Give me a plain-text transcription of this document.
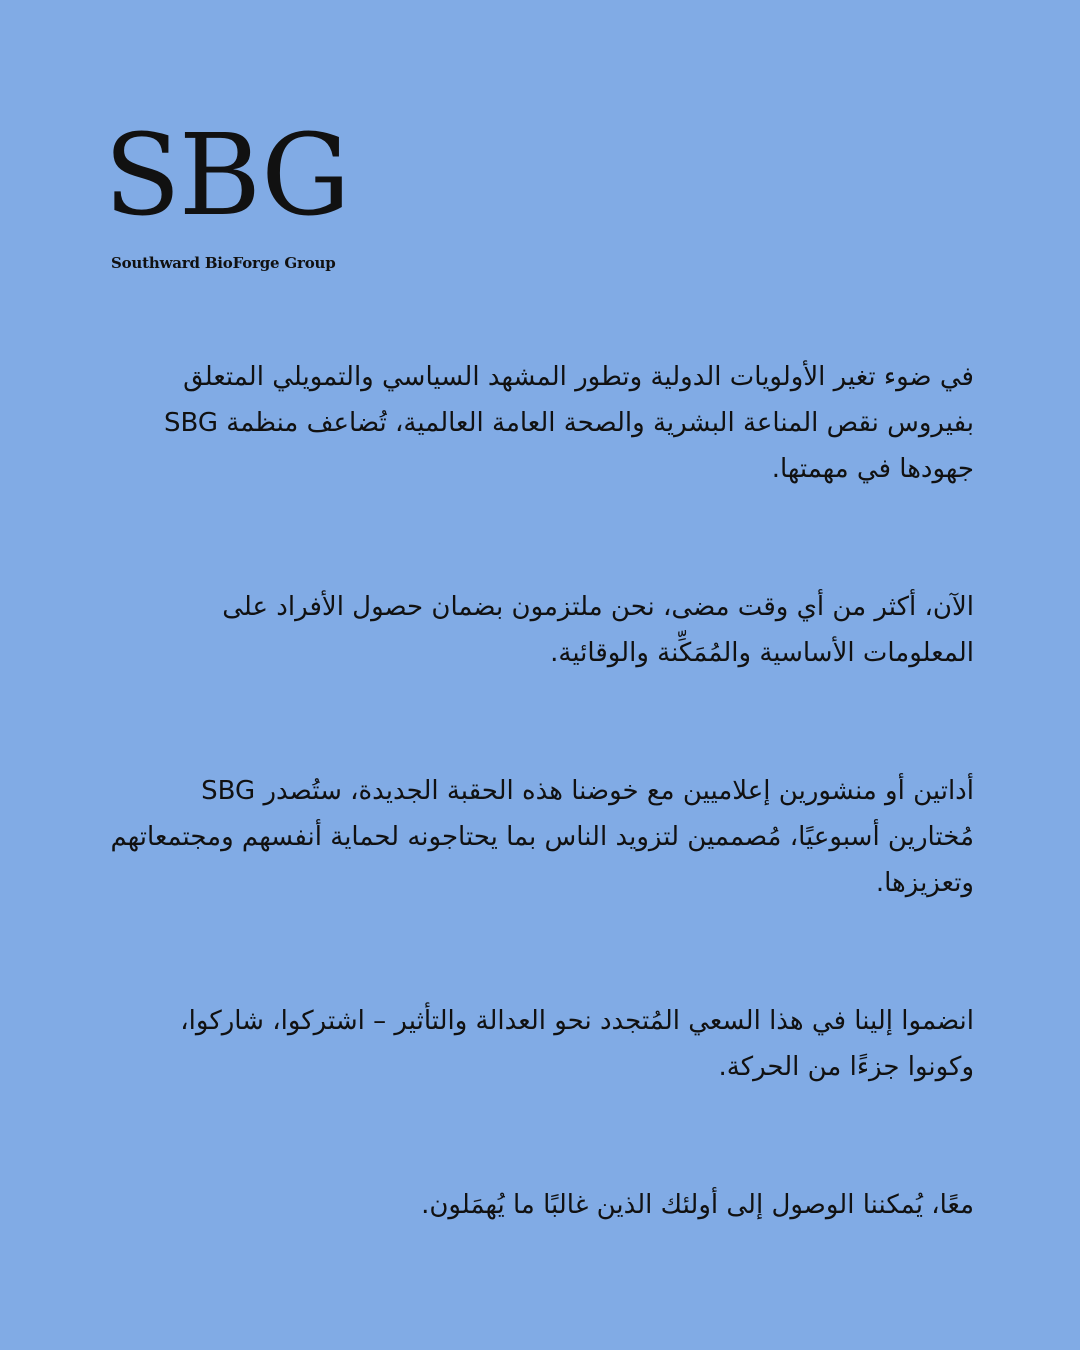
SBG
Southward BioForge Group

في ضوء تغير الأولويات الدولية وتطور المشهد السياسي والتمويلي المتعلق بفيروس نقص المناعة البشرية والصحة العامة العالمية، تُضاعف منظمة SBG جهودها في مهمتها.

الآن، أكثر من أي وقت مضى، نحن ملتزمون بضمان حصول الأفراد على المعلومات الأساسية والمُمَكِّنة والوقائية.

أداتين أو منشورين إعلاميين مع خوضنا هذه الحقبة الجديدة، ستُصدر SBG مُختارين أسبوعيًا، مُصممين لتزويد الناس بما يحتاجونه لحماية أنفسهم ومجتمعاتهم وتعزيزها.

انضموا إلينا في هذا السعي المُتجدد نحو العدالة والتأثير – اشتركوا، شاركوا، وكونوا جزءًا من الحركة.

معًا، يُمكننا الوصول إلى أولئك الذين غالبًا ما يُهمَلون.
